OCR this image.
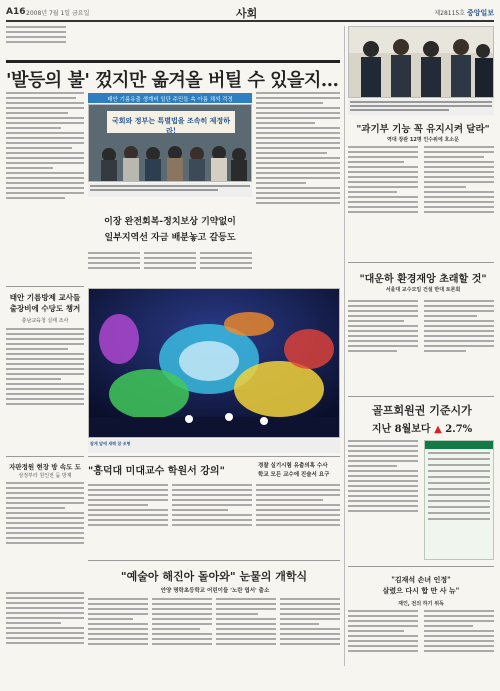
A16 2008년 7월 1일 금요일	사회	제28115호 중앙일보
'발등의 불' 껐지만 옮겨올 버틸 수 있을지…
태안 기름유출 생계비 일단 주민들 속 아름 채석 걱정
국회와 정부는 특별법을 조속히 제정하라!
이장 완전회복-정치보상 기약없이
일부지역선 자금 배분놓고 갈등도
"과기부 기능 꼭 유지시켜 달라"
역대 장관 12명 인수위에 호소문
"대운하 환경재앙 초래할 것"
서울대 교수모임 건설 반대 토론회
태안 기름방제 교사들
출장비에 수당도 챙겨
충남교육청 실태 조사
잠게 앞에 새해 잡 조형
골프회원권 기준시가
지난 8월보다 ▲ 2.7%
"흥덕대 미대교수 학원서 강의"	경찰 실기시험 유출의혹 수사
학교 모든 교수에 진술서 요구
자판정원 현장 방 속도 도
상정부터 원인전 둠 방계
"예술아 해진아 돌아와" 눈물의 개학식
안양 명학초등학교 어린이들 '노란 엽서' 출소
"김재석 손녀 인정"
살렸으 다시 합 만 사 뉴"
재인, 전의 하기 위독
